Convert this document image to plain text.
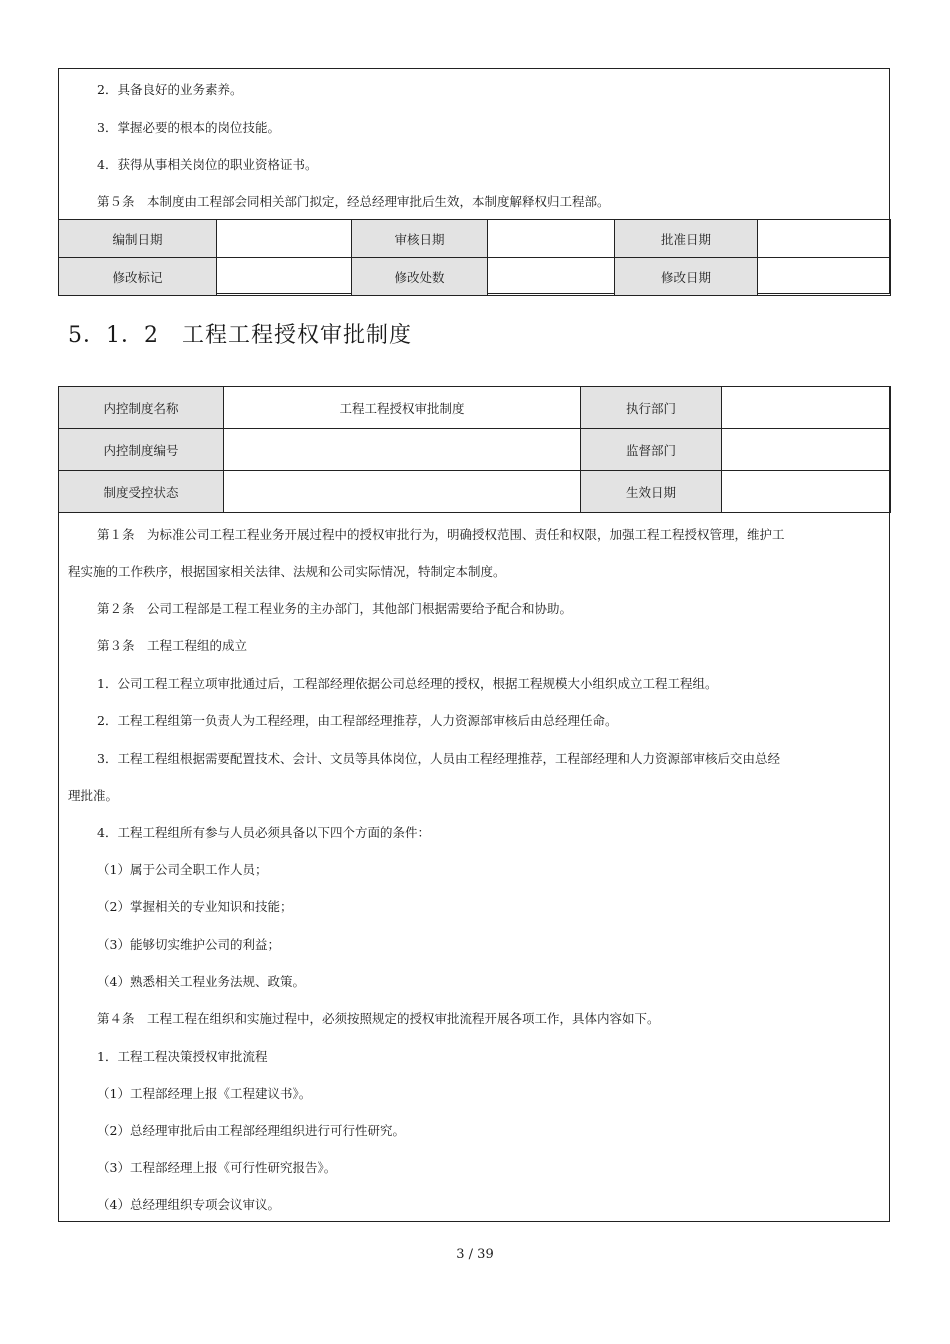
2．具备良好的业务素养。
3．掌握必要的根本的岗位技能。
4．获得从事相关岗位的职业资格证书。
第５条　本制度由工程部会同相关部门拟定，经总经理审批后生效，本制度解释权归工程部。
编制日期		审核日期		批准日期	
修改标记		修改处数		修改日期	
5．1．2　工程工程授权审批制度
内控制度名称	工程工程授权审批制度	执行部门	
内控制度编号		监督部门	
制度受控状态		生效日期	
第１条　为标准公司工程工程业务开展过程中的授权审批行为，明确授权范围、责任和权限，加强工程工程授权管理，维护工
程实施的工作秩序，根据国家相关法律、法规和公司实际情况，特制定本制度。
第２条　公司工程部是工程工程业务的主办部门，其他部门根据需要给予配合和协助。
第３条　工程工程组的成立
1．公司工程工程立项审批通过后，工程部经理依据公司总经理的授权，根据工程规模大小组织成立工程工程组。
2．工程工程组第一负责人为工程经理，由工程部经理推荐，人力资源部审核后由总经理任命。
3．工程工程组根据需要配置技术、会计、文员等具体岗位，人员由工程经理推荐，工程部经理和人力资源部审核后交由总经
理批准。
4．工程工程组所有参与人员必须具备以下四个方面的条件：
（1）属于公司全职工作人员；
（2）掌握相关的专业知识和技能；
（3）能够切实维护公司的利益；
（4）熟悉相关工程业务法规、政策。
第４条　工程工程在组织和实施过程中，必须按照规定的授权审批流程开展各项工作，具体内容如下。
1．工程工程决策授权审批流程
（1）工程部经理上报《工程建议书》。
（2）总经理审批后由工程部经理组织进行可行性研究。
（3）工程部经理上报《可行性研究报告》。
（4）总经理组织专项会议审议。
3 / 39
